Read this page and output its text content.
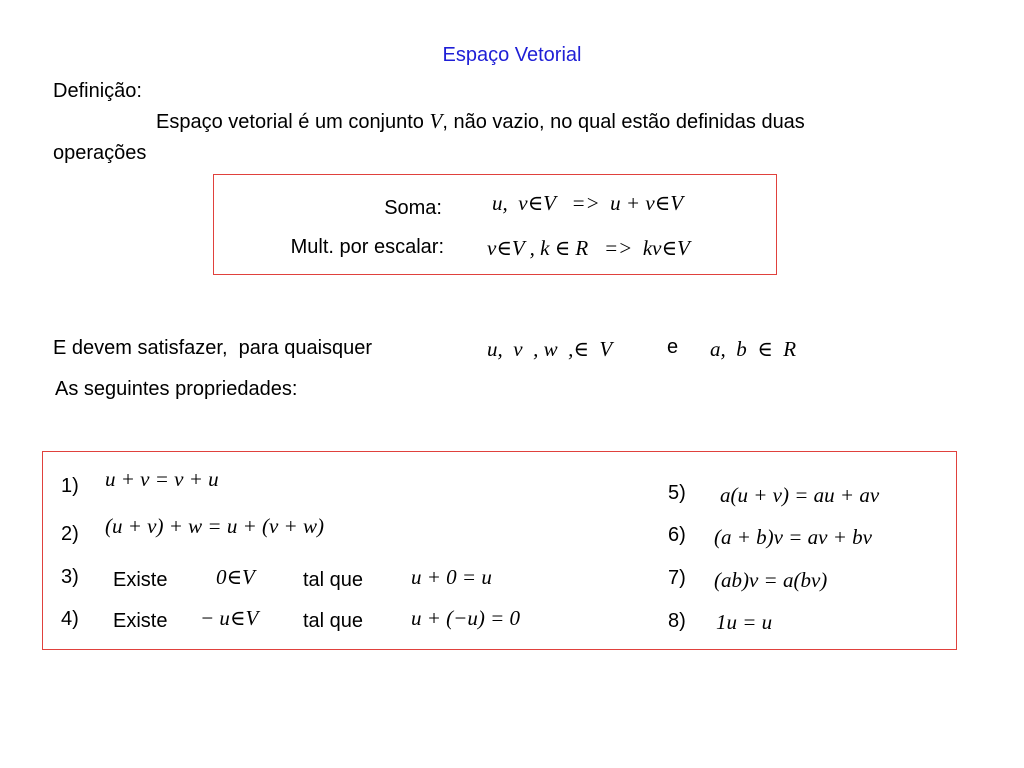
Espaço Vetorial
Definição:
Espaço vetorial é um conjunto V, não vazio, no qual estão definidas duas
operações
Soma: u,  v∈V   =>  u + v∈V
Mult. por escalar: v∈V , k ∈ R   =>  kv∈V
E devem satisfazer,  para quaisquer	u,  v  , w  ,∈  V	e a,  b  ∈  R
As seguintes propriedades:
1) u + v = v + u
2) (u + v) + w = u + (v + w)
3) Existe 0∈V tal que u + 0 = u
4) Existe − u∈V tal que u + (−u) = 0
5) a(u + v) = au + av
6) (a + b)v = av + bv
7) (ab)v = a(bv)
8) 1u = u
